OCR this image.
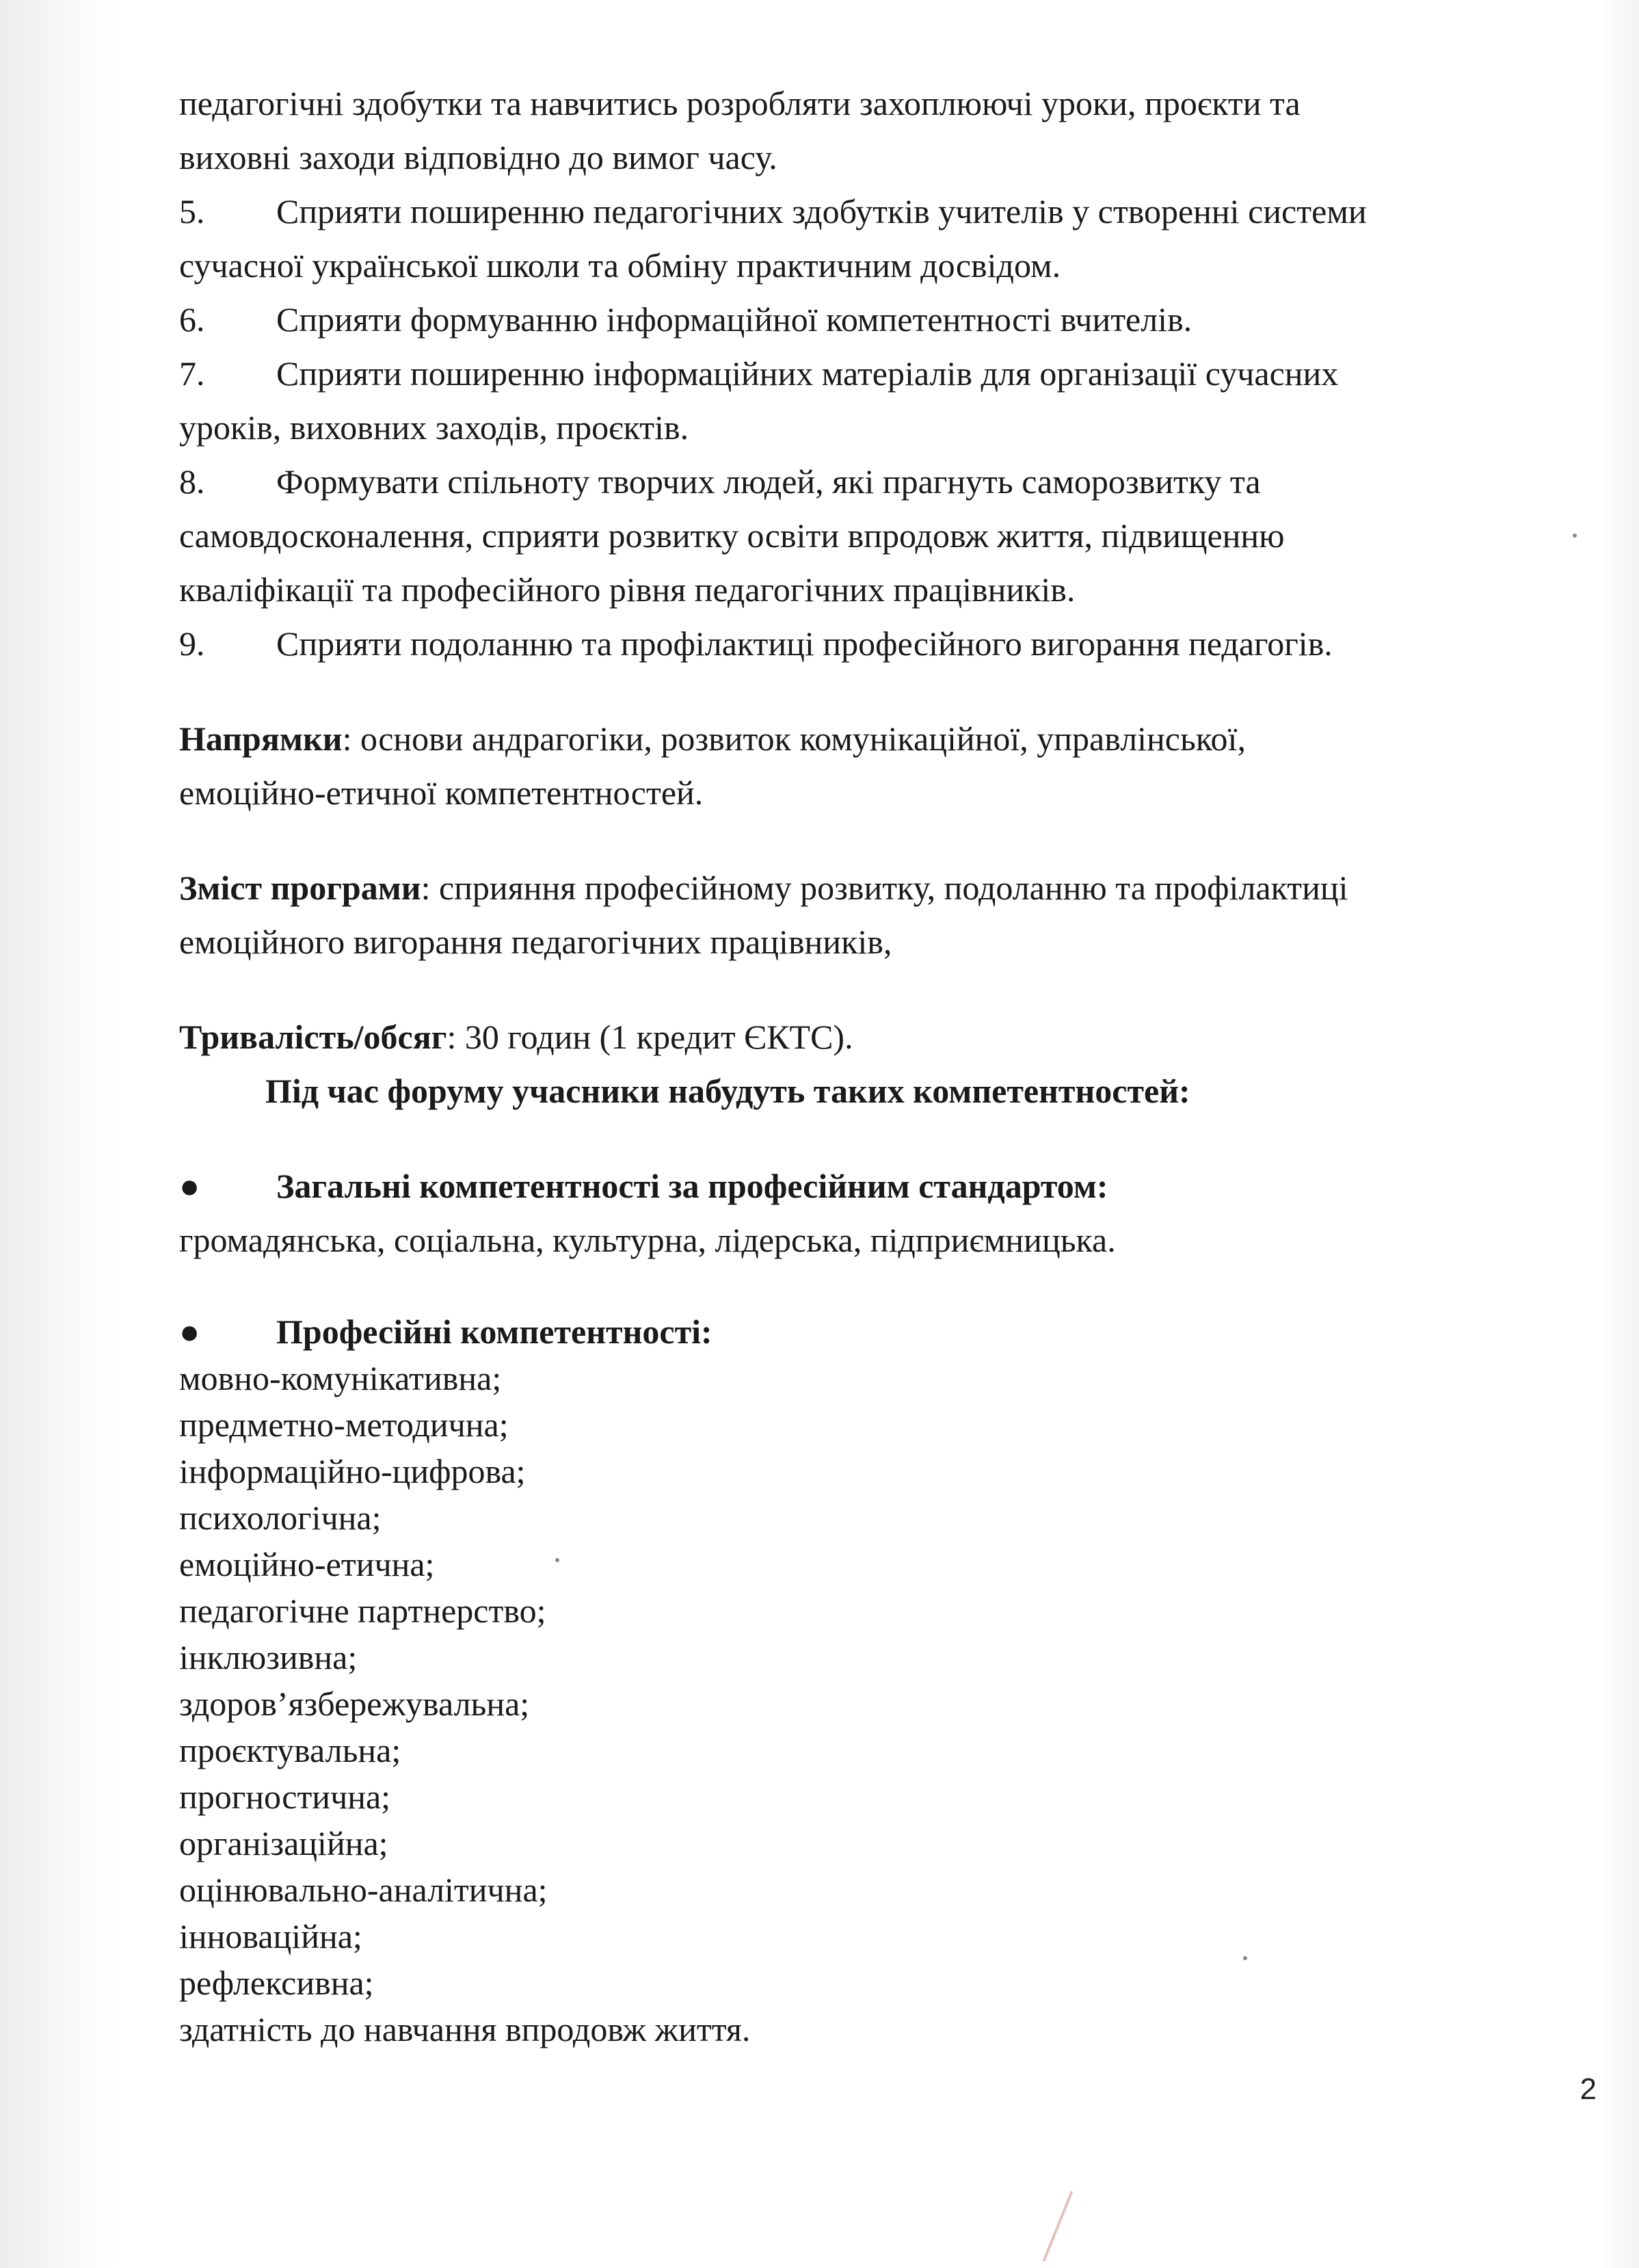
педагогічні здобутки та навчитись розробляти захоплюючі уроки, проєкти та
виховні заходи відповідно до вимог часу.
5. Сприяти поширенню педагогічних здобутків учителів у створенні системи
сучасної української школи та обміну практичним досвідом.
6. Сприяти формуванню інформаційної компетентності вчителів.
7. Сприяти поширенню інформаційних матеріалів для організації сучасних
уроків, виховних заходів, проєктів.
8. Формувати спільноту творчих людей, які прагнуть саморозвитку та
самовдосконалення, сприяти розвитку освіти впродовж життя, підвищенню
кваліфікації та професійного рівня педагогічних працівників.
9. Сприяти подоланню та профілактиці професійного вигорання педагогів.
Напрямки: основи андрагогіки, розвиток комунікаційної, управлінської,
емоційно-етичної компетентностей.
Зміст програми: сприяння професійному розвитку, подоланню та профілактиці
емоційного вигорання педагогічних працівників,
Тривалість/обсяг: 30 годин (1 кредит ЄКТС).
Під час форуму учасники набудуть таких компетентностей:
● Загальні компетентності за професійним стандартом:
громадянська, соціальна, культурна, лідерська, підприємницька.
● Професійні компетентності:
мовно-комунікативна;
предметно-методична;
інформаційно-цифрова;
психологічна;
емоційно-етична;
педагогічне партнерство;
інклюзивна;
здоров’язбережувальна;
проєктувальна;
прогностична;
організаційна;
оцінювально-аналітична;
інноваційна;
рефлексивна;
здатність до навчання впродовж життя.
2
